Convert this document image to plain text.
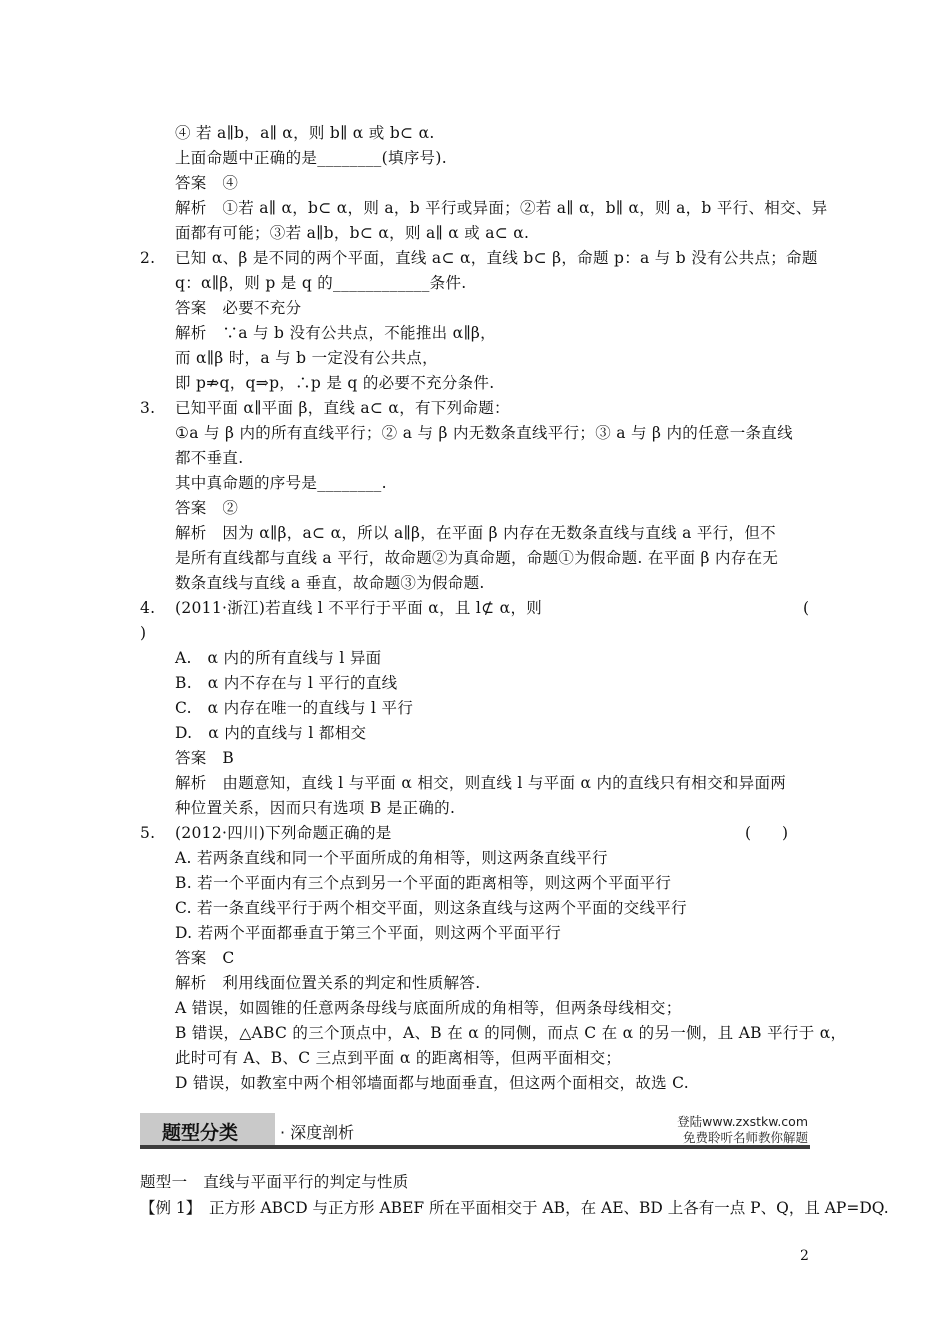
④ 若 a∥b，a∥ α，则 b∥ α 或 b⊂ α.
上面命题中正确的是________(填序号).
答案　④
解析　①若 a∥ α，b⊂ α，则 a，b 平行或异面；②若 a∥ α，b∥ α，则 a，b 平行、相交、异
面都有可能；③若 a∥b，b⊂ α，则 a∥ α 或 a⊂ α.
2. 已知 α、β 是不同的两个平面，直线 a⊂ α，直线 b⊂ β，命题 p：a 与 b 没有公共点；命题
q：α∥β，则 p 是 q 的____________条件.
答案　必要不充分
解析　∵a 与 b 没有公共点，不能推出 α∥β，
而 α∥β 时，a 与 b 一定没有公共点，
即 p⇏q，q⇒p，∴p 是 q 的必要不充分条件.
3. 已知平面 α∥平面 β，直线 a⊂ α，有下列命题：
①a 与 β 内的所有直线平行；② a 与 β 内无数条直线平行；③ a 与 β 内的任意一条直线
都不垂直.
其中真命题的序号是________.
答案　②
解析　因为 α∥β，a⊂ α，所以 a∥β，在平面 β 内存在无数条直线与直线 a 平行，但不
是所有直线都与直线 a 平行，故命题②为真命题，命题①为假命题. 在平面 β 内存在无
数条直线与直线 a 垂直，故命题③为假命题.
4. (2011·浙江)若直线 l 不平行于平面 α，且 l⊄ α，则	(
)
A.　α 内的所有直线与 l 异面
B.　α 内不存在与 l 平行的直线
C.　α 内存在唯一的直线与 l 平行
D.　α 内的直线与 l 都相交
答案　B
解析　由题意知，直线 l 与平面 α 相交，则直线 l 与平面 α 内的直线只有相交和异面两
种位置关系，因而只有选项 B 是正确的.
5. (2012·四川)下列命题正确的是	(　　)
A. 若两条直线和同一个平面所成的角相等，则这两条直线平行
B. 若一个平面内有三个点到另一个平面的距离相等，则这两个平面平行
C. 若一条直线平行于两个相交平面，则这条直线与这两个平面的交线平行
D. 若两个平面都垂直于第三个平面，则这两个平面平行
答案　C
解析　利用线面位置关系的判定和性质解答.
A 错误，如圆锥的任意两条母线与底面所成的角相等，但两条母线相交；
B 错误，△ABC 的三个顶点中，A、B 在 α 的同侧，而点 C 在 α 的另一侧，且 AB 平行于 α，
此时可有 A、B、C 三点到平面 α 的距离相等，但两平面相交；
D 错误，如教室中两个相邻墙面都与地面垂直，但这两个面相交，故选 C.
题型分类	· 深度剖析
登陆www.zxstkw.com
免费聆听名师教你解题
题型一　直线与平面平行的判定与性质
【例 1】　正方形 ABCD 与正方形 ABEF 所在平面相交于 AB，在 AE、BD 上各有一点 P、Q，且 AP=DQ.
2
